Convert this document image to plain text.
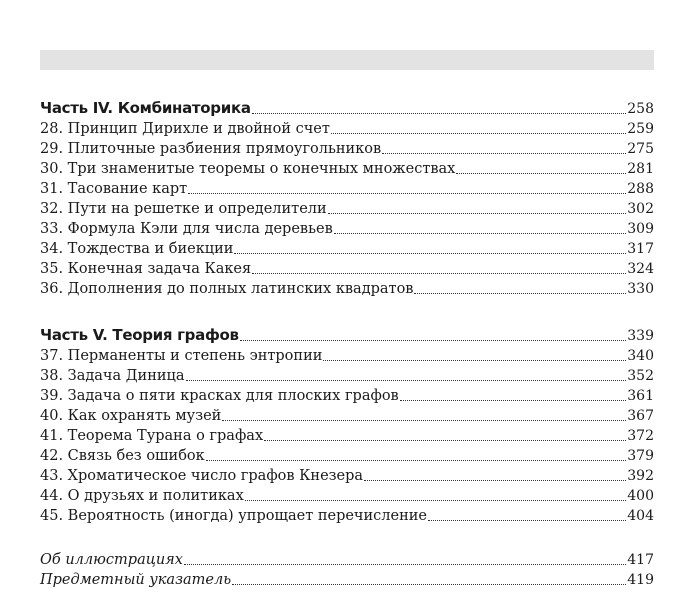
Часть IV. Комбинаторика	258
28. Принцип Дирихле и двойной счет	259
29. Плиточные разбиения прямоугольников	275
30. Три знаменитые теоремы о конечных множествах	281
31. Тасование карт	288
32. Пути на решетке и определители	302
33. Формула Кэли для числа деревьев	309
34. Тождества и биекции	317
35. Конечная задача Какея	324
36. Дополнения до полных латинских квадратов	330
Часть V. Теория графов	339
37. Перманенты и степень энтропии	340
38. Задача Диница	352
39. Задача о пяти красках для плоских графов	361
40. Как охранять музей	367
41. Теорема Турана о графах	372
42. Связь без ошибок	379
43. Хроматическое число графов Кнезера	392
44. О друзьях и политиках	400
45. Вероятность (иногда) упрощает перечисление	404
Об иллюстрациях	417
Предметный указатель	419
